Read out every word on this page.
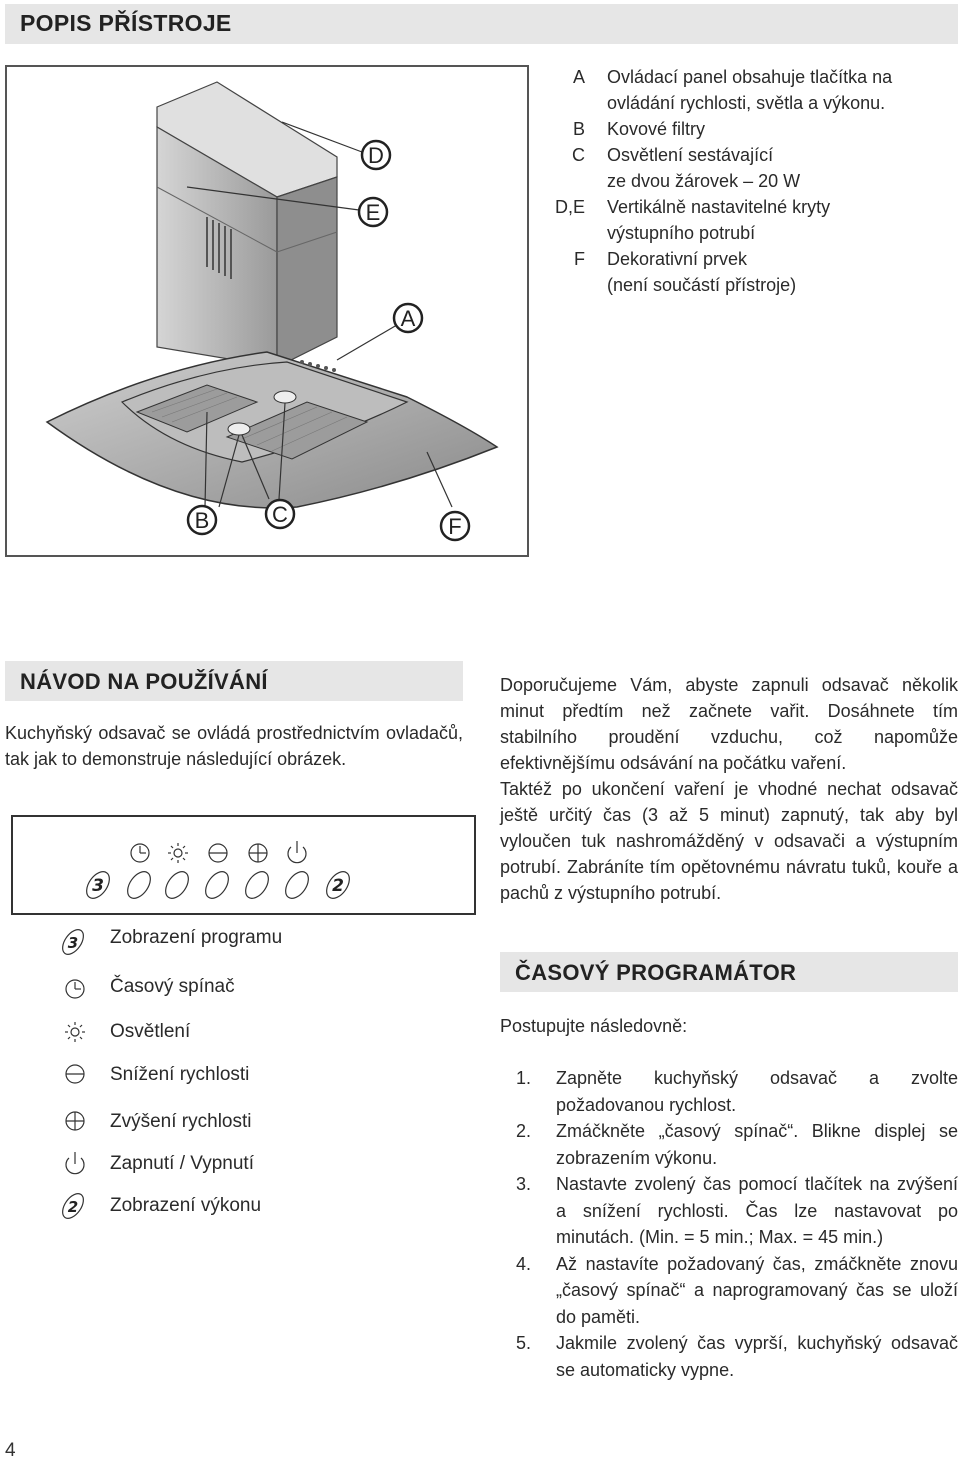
POPIS PŘÍSTROJE
D
E
A
B	C	F
A	Ovládací panel obsahuje tlačítka na
	ovládání rychlosti, světla a výkonu.
B	Kovové filtry
C	Osvětlení sestávající
	ze dvou žárovek – 20 W
D,E	Vertikálně nastavitelné kryty
	výstupního potrubí
F	Dekorativní prvek
	(není součástí přístroje)
NÁVOD NA POUŽÍVÁNÍ
Kuchyňský odsavač se ovládá prostřednictvím ovladačů, tak jak to demonstruje následující obrázek.
3	2
3
2
Zobrazení programu
Časový spínač
Osvětlení
Snížení rychlosti
Zvýšení rychlosti
Zapnutí / Vypnutí
Zobrazení výkonu
Doporučujeme Vám, abyste zapnuli odsavač několik minut předtím než začnete vařit. Dosáhnete tím stabilního proudění vzduchu, což napomůže efektivnějšímu odsávání na počátku vaření.
Taktéž po ukončení vaření je vhodné nechat odsavač ještě určitý čas (3 až 5 minut) zapnutý, tak aby byl vyloučen tuk nashromážděný v odsavači a výstupním potrubí. Zabráníte tím opětovnému návratu tuků, kouře a pachů z výstupního potrubí.
ČASOVÝ PROGRAMÁTOR
Postupujte následovně:
1. Zapněte kuchyňský odsavač a zvolte požadovanou rychlost.
2. Zmáčkněte „časový spínač“. Blikne displej se zobrazením výkonu.
3. Nastavte zvolený čas pomocí tlačítek na zvýšení a snížení rychlosti. Čas lze nastavovat po minutách. (Min. = 5 min.; Max. = 45 min.)
4. Až nastavíte požadovaný čas, zmáčkněte znovu „časový spínač“ a naprogramovaný čas se uloží do paměti.
5. Jakmile zvolený čas vyprší, kuchyňský odsavač se automaticky vypne.
4
